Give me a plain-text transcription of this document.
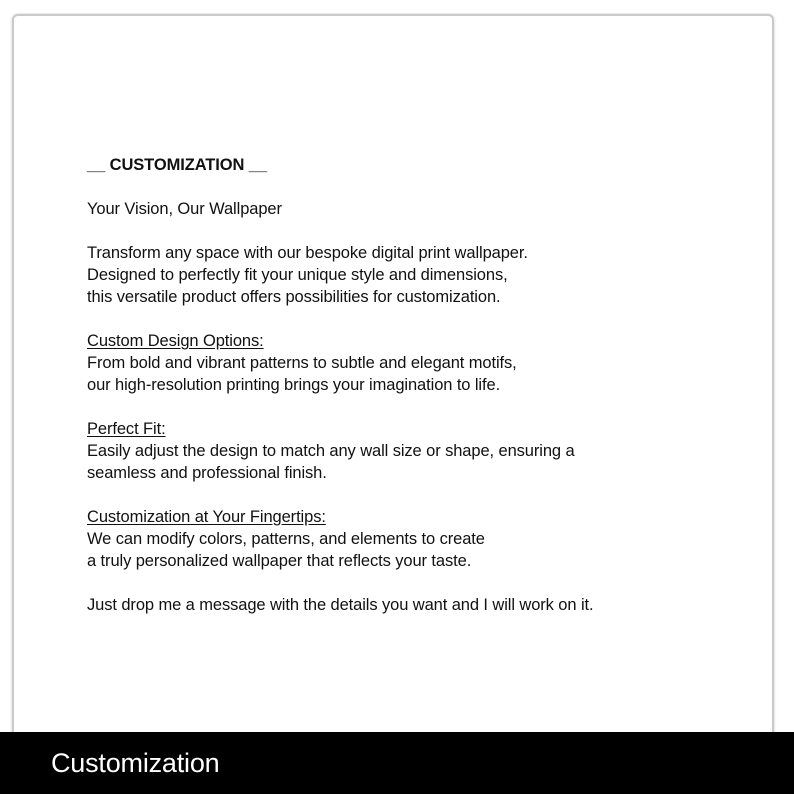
__ CUSTOMIZATION __
Your Vision, Our Wallpaper
Transform any space with our bespoke digital print wallpaper.
Designed to perfectly fit your unique style and dimensions,
this versatile product offers possibilities for customization.
Custom Design Options:
From bold and vibrant patterns to subtle and elegant motifs,
our high-resolution printing brings your imagination to life.
Perfect Fit:
Easily adjust the design to match any wall size or shape, ensuring a
seamless and professional finish.
Customization at Your Fingertips:
We can modify colors, patterns, and elements to create
a truly personalized wallpaper that reflects your taste.
Just drop me a message with the details you want and I will work on it.
Customization
